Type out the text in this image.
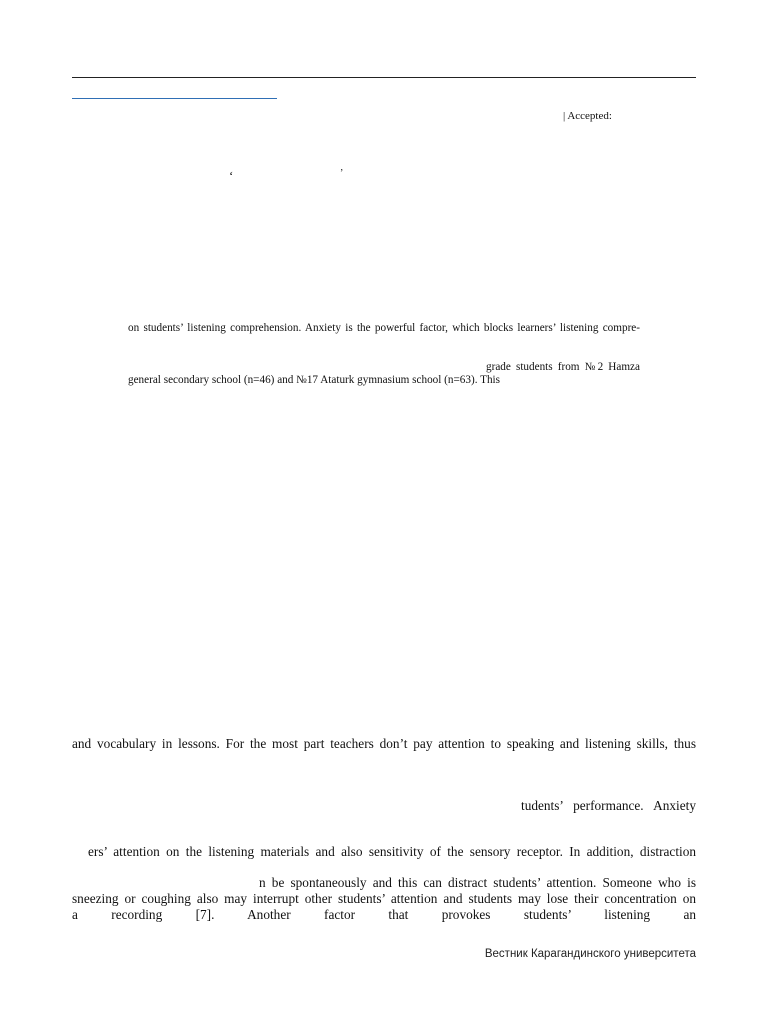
| Accepted:
ʻ	ʼ
on students’ listening comprehension. Anxiety is the powerful factor, which blocks learners’ listening compre-
grade students from №2 Hamza
general secondary school (n=46) and №17 Ataturk gymnasium school (n=63). This
and vocabulary in lessons. For the most part teachers don’t pay attention to speaking and listening skills, thus
tudents’ performance. Anxiety
ers’ attention on the listening materials and also sensitivity of the sensory receptor. In addition, distraction
n be spontaneously and this can distract students’ attention. Someone who is
sneezing or coughing also may interrupt other students’ attention and students may lose their concentration on
a recording [7]. Another factor that provokes students’ listening an
Вестник Карагандинского университета
